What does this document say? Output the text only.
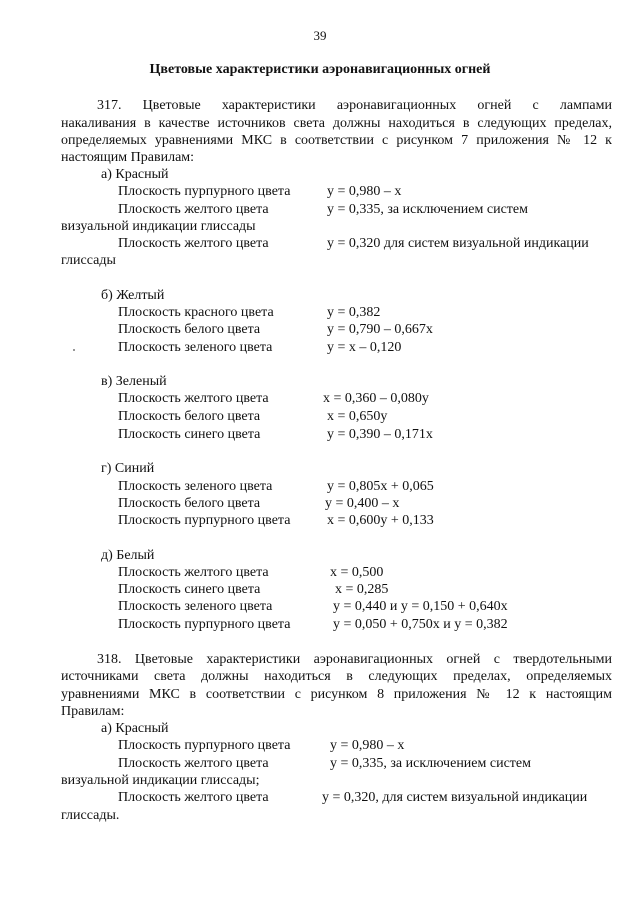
39
Цветовые характеристики аэронавигационных огней
317. Цветовые характеристики аэронавигационных огней с лампами
накаливания в качестве источников света должны находиться в следующих пределах,
определяемых уравнениями МКС в соответствии с рисунком 7 приложения № 12 к
настоящим Правилам:
а) Красный
Плоскость пурпурного цвета	y = 0,980 – x
Плоскость желтого цвета	y = 0,335, за исключением систем
визуальной индикации глиссады
Плоскость желтого цвета	y = 0,320 для систем визуальной индикации
глиссады
б) Желтый
Плоскость красного цвета	y = 0,382
Плоскость белого цвета	y = 0,790 – 0,667x
Плоскость зеленого цвета	y = x – 0,120
в) Зеленый
Плоскость желтого цвета	x = 0,360 – 0,080y
Плоскость белого цвета	x = 0,650y
Плоскость синего цвета	y = 0,390 – 0,171x
г) Синий
Плоскость зеленого цвета	y = 0,805x + 0,065
Плоскость белого цвета	y = 0,400 – x
Плоскость пурпурного цвета	x = 0,600y + 0,133
д) Белый
Плоскость желтого цвета	x = 0,500
Плоскость синего цвета	x = 0,285
Плоскость зеленого цвета	y = 0,440 и y = 0,150 + 0,640x
Плоскость пурпурного цвета	y = 0,050 + 0,750x и y = 0,382
318. Цветовые характеристики аэронавигационных огней с твердотельными
источниками света должны находиться в следующих пределах, определяемых
уравнениями МКС в соответствии с рисунком 8 приложения № 12 к настоящим
Правилам:
а) Красный
Плоскость пурпурного цвета	y = 0,980 – x
Плоскость желтого цвета	y = 0,335, за исключением систем
визуальной индикации глиссады;
Плоскость желтого цвета	y = 0,320, для систем визуальной индикации
глиссады.
